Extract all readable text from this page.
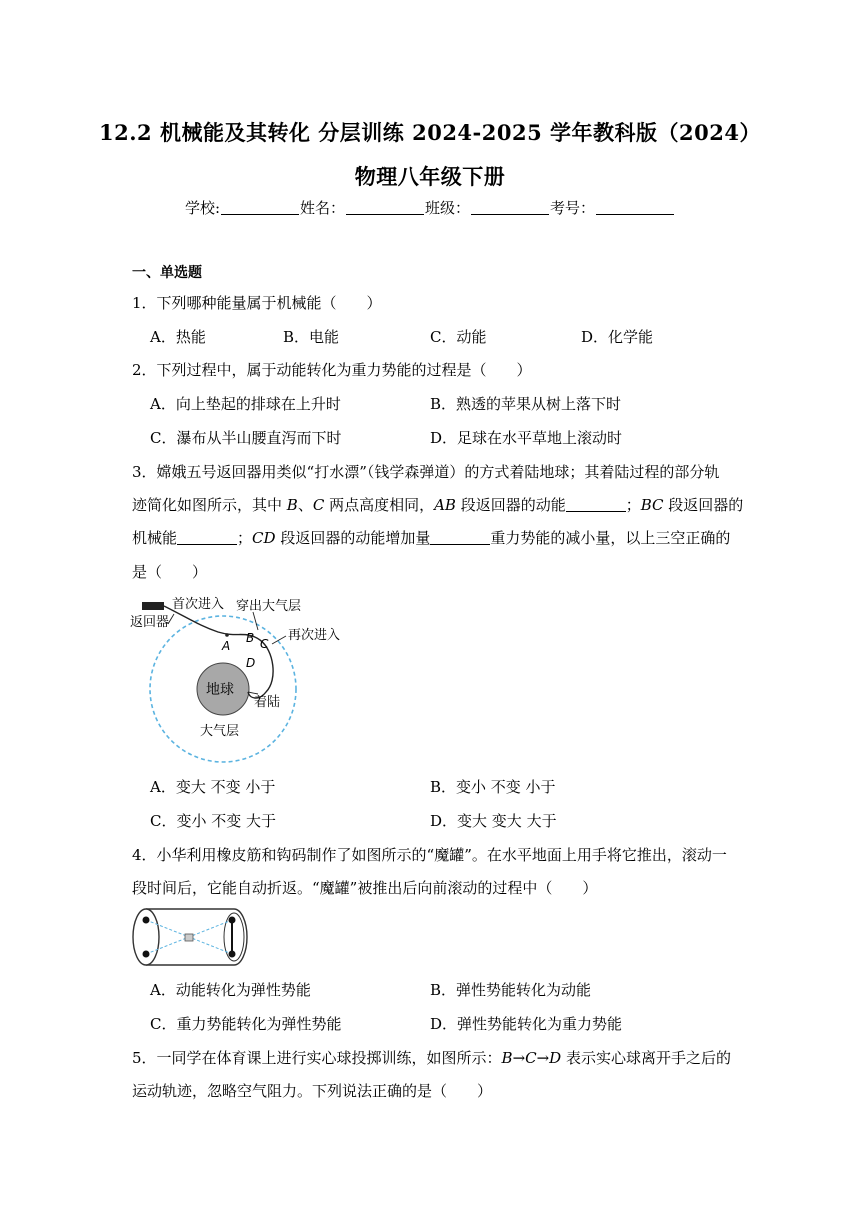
12.2 机械能及其转化 分层训练 2024-2025 学年教科版（2024）
物理八年级下册
学校:	姓名：	班级：	考号：
一、单选题
1．下列哪种能量属于机械能（　　）
A．热能	B．电能	C．动能	D．化学能
2．下列过程中，属于动能转化为重力势能的过程是（　　）
A．向上垫起的排球在上升时	B．熟透的苹果从树上落下时
C．瀑布从半山腰直泻而下时	D．足球在水平草地上滚动时
3．嫦娥五号返回器用类似“打水漂”（钱学森弹道）的方式着陆地球；其着陆过程的部分轨
迹简化如图所示，其中 B、C 两点高度相同，AB 段返回器的动能	；BC 段返回器的
机械能	；CD 段返回器的动能增加量	重力势能的减小量，以上三空正确的
是（　　）
返回器
首次进入 穿出大气层
再次进入
地球
着陆
大气层
A
B C
D
A．变大 不变 小于	B．变小 不变 小于
C．变小 不变 大于	D．变大 变大 大于
4．小华利用橡皮筋和钩码制作了如图所示的“魔罐”。在水平地面上用手将它推出，滚动一
段时间后，它能自动折返。“魔罐”被推出后向前滚动的过程中（　　）
A．动能转化为弹性势能	B．弹性势能转化为动能
C．重力势能转化为弹性势能	D．弹性势能转化为重力势能
5．一同学在体育课上进行实心球投掷训练，如图所示：B→C→D 表示实心球离开手之后的
运动轨迹，忽略空气阻力。下列说法正确的是（　　）
